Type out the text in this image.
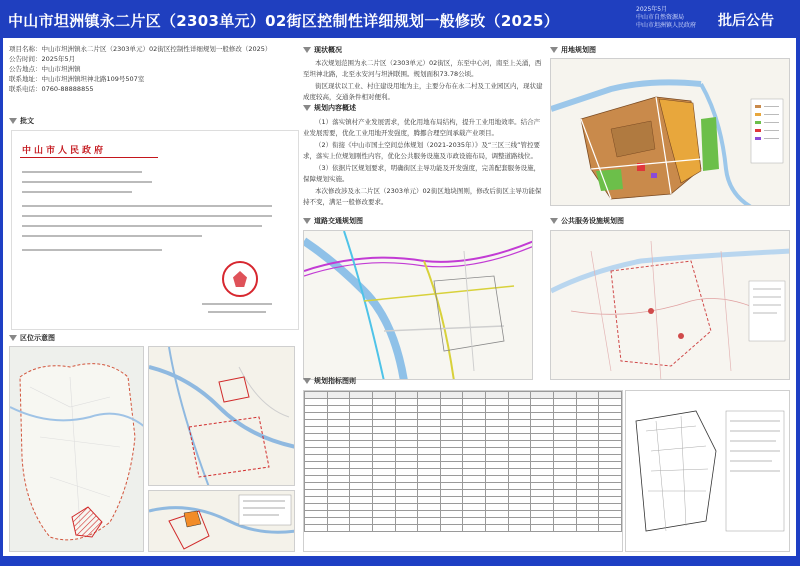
中山市坦洲镇永二片区（2303单元）02街区控制性详细规划一般修改（2025）
2025年5月
中山市自然资源局
中山市坦洲镇人民政府 批后公告
项目名称：中山市坦洲镇永二片区（2303单元）02街区控制性详细规划一般修改（2025）
公告时间：2025年5月
公告地点：中山市坦洲镇
联系地址：中山市坦洲镇坦神北路109号507室
联系电话：0760-88888855
批文
中山市人民政府
区位示意图
现状概况

本次规划范围为永二片区（2303单元）02街区，东至中心河，南至上关涌，西至坦神北路，北至永安河与坦洲联围。规划面积73.78公顷。

街区现状以工业、村庄建设用地为主，主要分布在永二村及工业园区内，现状建成度较高，交通条件相对便利。

规划内容概述

（1）落实镇村产业发展需求，优化用地布局结构，提升工业用地效率。结合产业发展需要，优化工业用地开发强度，腾挪合理空间承载产业项目。

（2）衔接《中山市国土空间总体规划（2021-2035年）》及“三区三线”管控要求，落实上位规划刚性内容，优化公共服务设施及市政设施布局，调整道路线位。

（3）依据片区规划要求，明确街区主导功能及开发强度，完善配套服务设施，保障规划实施。

本次修改涉及永二片区（2303单元）02街区地块图则，修改后街区主导功能保持不变，满足一般修改要求。

用地规划图
道路交通规划图	公共服务设施规划图
规划指标图则
